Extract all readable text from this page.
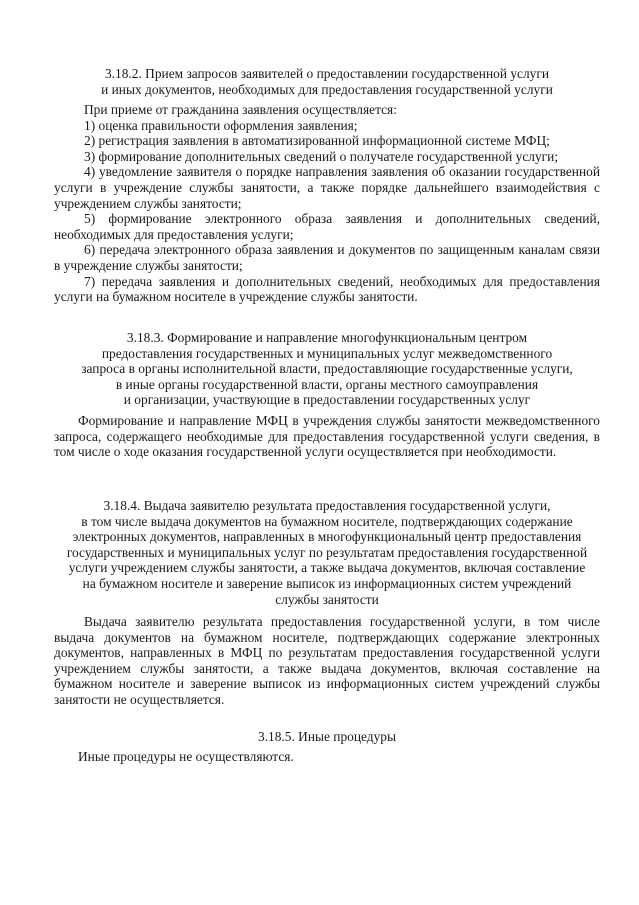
3.18.2. Прием запросов заявителей о предоставлении государственной услуги
и иных документов, необходимых для предоставления государственной услуги
При приеме от гражданина заявления осуществляется:
1) оценка правильности оформления заявления;
2) регистрация заявления в автоматизированной информационной системе МФЦ;
3) формирование дополнительных сведений о получателе государственной услуги;
4) уведомление заявителя о порядке направления заявления об оказании государственной услуги в учреждение службы занятости, а также порядке дальнейшего взаимодействия с учреждением службы занятости;
5) формирование электронного образа заявления и дополнительных сведений, необходимых для предоставления услуги;
6) передача электронного образа заявления и документов по защищенным каналам связи в учреждение службы занятости;
7) передача заявления и дополнительных сведений, необходимых для предоставления услуги на бумажном носителе в учреждение службы занятости.
3.18.3. Формирование и направление многофункциональным центром
предоставления государственных и муниципальных услуг межведомственного
запроса в органы исполнительной власти, предоставляющие государственные услуги,
в иные органы государственной власти, органы местного самоуправления
и организации, участвующие в предоставлении государственных услуг
Формирование и направление МФЦ в учреждения службы занятости межведомственного запроса, содержащего необходимые для предоставления государственной услуги сведения, в том числе о ходе оказания государственной услуги осуществляется при необходимости.
3.18.4. Выдача заявителю результата предоставления государственной услуги,
в том числе выдача документов на бумажном носителе, подтверждающих содержание
электронных документов, направленных в многофункциональный центр предоставления
государственных и муниципальных услуг по результатам предоставления государственной
услуги учреждением службы занятости, а также выдача документов, включая составление
на бумажном носителе и заверение выписок из информационных систем учреждений
службы занятости
Выдача заявителю результата предоставления государственной услуги, в том числе выдача документов на бумажном носителе, подтверждающих содержание электронных документов, направленных в МФЦ по результатам предоставления государственной услуги учреждением службы занятости, а также выдача документов, включая составление на бумажном носителе и заверение выписок из информационных систем учреждений службы занятости не осуществляется.
3.18.5. Иные процедуры
Иные процедуры не осуществляются.
